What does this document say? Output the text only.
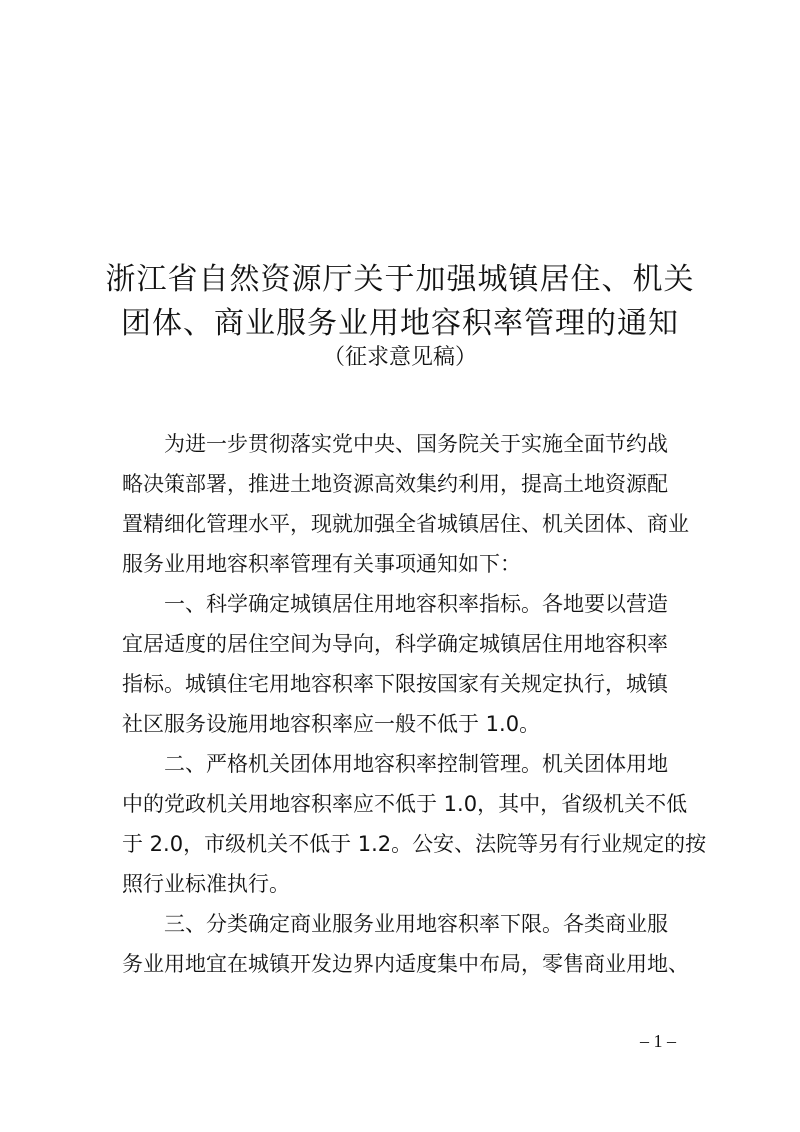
浙江省自然资源厅关于加强城镇居住、机关
团体、商业服务业用地容积率管理的通知
（征求意见稿）
为进一步贯彻落实党中央、国务院关于实施全面节约战
略决策部署，推进土地资源高效集约利用，提高土地资源配
置精细化管理水平，现就加强全省城镇居住、机关团体、商业
服务业用地容积率管理有关事项通知如下：
一、科学确定城镇居住用地容积率指标。各地要以营造
宜居适度的居住空间为导向，科学确定城镇居住用地容积率
指标。城镇住宅用地容积率下限按国家有关规定执行，城镇
社区服务设施用地容积率应一般不低于 1.0。
二、严格机关团体用地容积率控制管理。机关团体用地
中的党政机关用地容积率应不低于 1.0，其中，省级机关不低
于 2.0，市级机关不低于 1.2。公安、法院等另有行业规定的按
照行业标准执行。
三、分类确定商业服务业用地容积率下限。各类商业服
务业用地宜在城镇开发边界内适度集中布局，零售商业用地、
– 1 –
